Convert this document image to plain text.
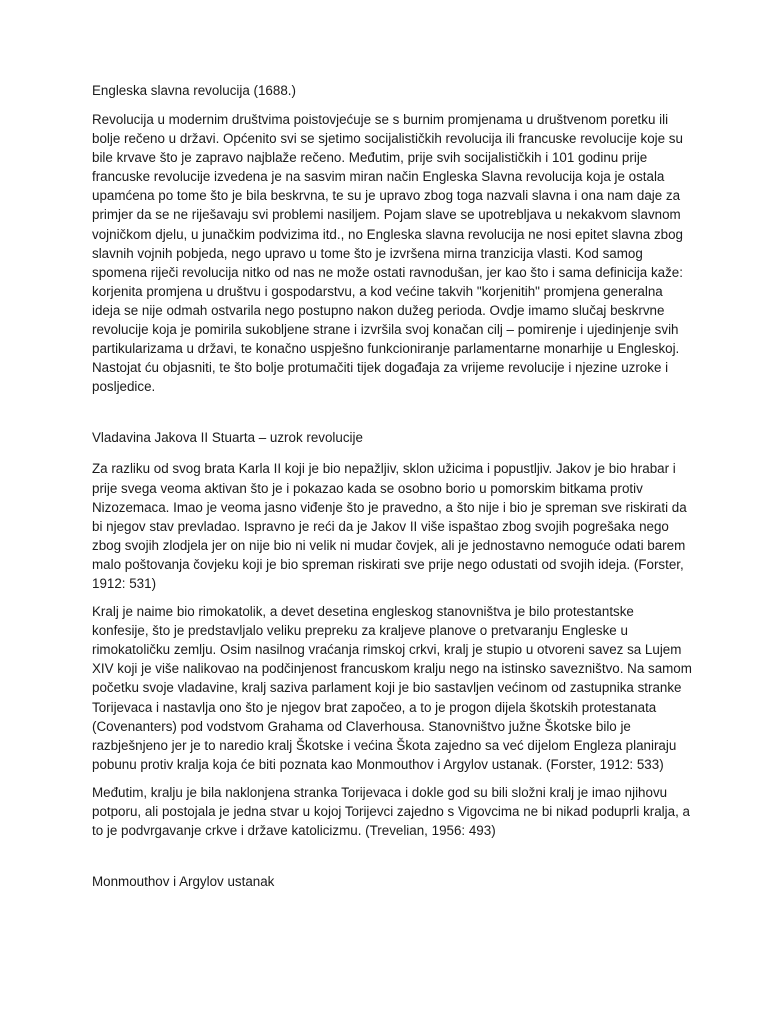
Engleska slavna revolucija (1688.)

Revolucija u modernim društvima poistovjećuje se s burnim promjenama u društvenom poretku ili bolje rečeno u državi. Općenito svi se sjetimo socijalističkih revolucija ili francuske revolucije koje su bile krvave što je zapravo najblaže rečeno. Međutim, prije svih socijalističkih i 101 godinu prije francuske revolucije izvedena je na sasvim miran način Engleska Slavna revolucija koja je ostala upamćena po tome što je bila beskrvna, te su je upravo zbog toga nazvali slavna i ona nam daje za primjer da se ne riješavaju svi problemi nasiljem. Pojam slave se upotrebljava u nekakvom slavnom vojničkom djelu, u junačkim podvizima itd., no Engleska slavna revolucija ne nosi epitet slavna zbog slavnih vojnih pobjeda, nego upravo u tome što je izvršena mirna tranzicija vlasti. Kod samog spomena riječi revolucija nitko od nas ne može ostati ravnodušan, jer kao što i sama definicija kaže: korjenita promjena u društvu i gospodarstvu, a kod većine takvih "korjenitih" promjena generalna ideja se nije odmah ostvarila nego postupno nakon dužeg perioda. Ovdje imamo slučaj beskrvne revolucije koja je pomirila sukobljene strane i izvršila svoj konačan cilj – pomirenje i ujedinjenje svih partikularizama u državi, te konačno uspješno funkcioniranje parlamentarne monarhije u Engleskoj. Nastojat ću objasniti, te što bolje protumačiti tijek događaja za vrijeme revolucije i njezine uzroke i posljedice.

Vladavina Jakova II Stuarta – uzrok revolucije

Za razliku od svog brata Karla II koji je bio nepažljiv, sklon užicima i popustljiv. Jakov je bio hrabar i prije svega veoma aktivan što je i pokazao kada se osobno borio u pomorskim bitkama protiv Nizozemaca. Imao je veoma jasno viđenje što je pravedno, a što nije i bio je spreman sve riskirati da bi njegov stav prevladao. Ispravno je reći da je Jakov II više ispaštao zbog svojih pogrešaka nego zbog svojih zlodjela jer on nije bio ni velik ni mudar čovjek, ali je jednostavno nemoguće odati barem malo poštovanja čovjeku koji je bio spreman riskirati sve prije nego odustati od svojih ideja. (Forster, 1912: 531)

Kralj je naime bio rimokatolik, a devet desetina engleskog stanovništva je bilo protestantske konfesije, što je predstavljalo veliku prepreku za kraljeve planove o pretvaranju Engleske u rimokatoličku zemlju. Osim nasilnog vraćanja rimskoj crkvi, kralj je stupio u otvoreni savez sa Lujem XIV koji je više nalikovao na podčinjenost francuskom kralju nego na istinsko savezništvo. Na samom početku svoje vladavine, kralj saziva parlament koji je bio sastavljen većinom od zastupnika stranke Torijevaca i nastavlja ono što je njegov brat započeo, a to je progon dijela škotskih protestanata (Covenanters) pod vodstvom Grahama od Claverhousa. Stanovništvo južne Škotske bilo je razbješnjeno jer je to naredio kralj Škotske i većina Škota zajedno sa već dijelom Engleza planiraju pobunu protiv kralja koja će biti poznata kao Monmouthov i Argylov ustanak. (Forster, 1912: 533)

Međutim, kralju je bila naklonjena stranka Torijevaca i dokle god su bili složni kralj je imao njihovu potporu, ali postojala je jedna stvar u kojoj Torijevci zajedno s Vigovcima ne bi nikad poduprli kralja, a to je podvrgavanje crkve i države katolicizmu. (Trevelian, 1956: 493)

Monmouthov i Argylov ustanak
